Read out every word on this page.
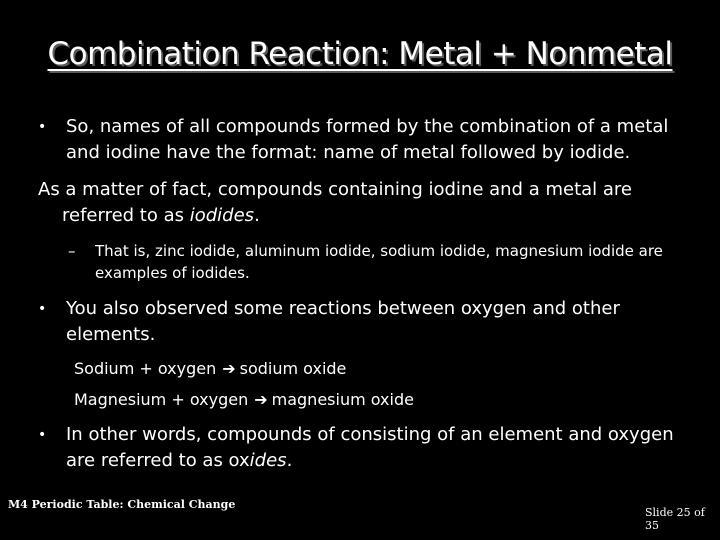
Combination Reaction: Metal + Nonmetal
•	So, names of all compounds formed by the combination of a metal and iodine have the format: name of metal followed by iodide.
As a matter of fact, compounds containing iodine and a metal are referred to as iodides.
– That is, zinc iodide, aluminum iodide, sodium iodide, magnesium iodide are examples of iodides.
•	You also observed some reactions between oxygen and other elements.
Sodium + oxygen ➔ sodium oxide
Magnesium + oxygen ➔ magnesium oxide
•	In other words, compounds of consisting of an element and oxygen are referred to as oxides.
M4 Periodic Table: Chemical Change
Slide 25 of 35
